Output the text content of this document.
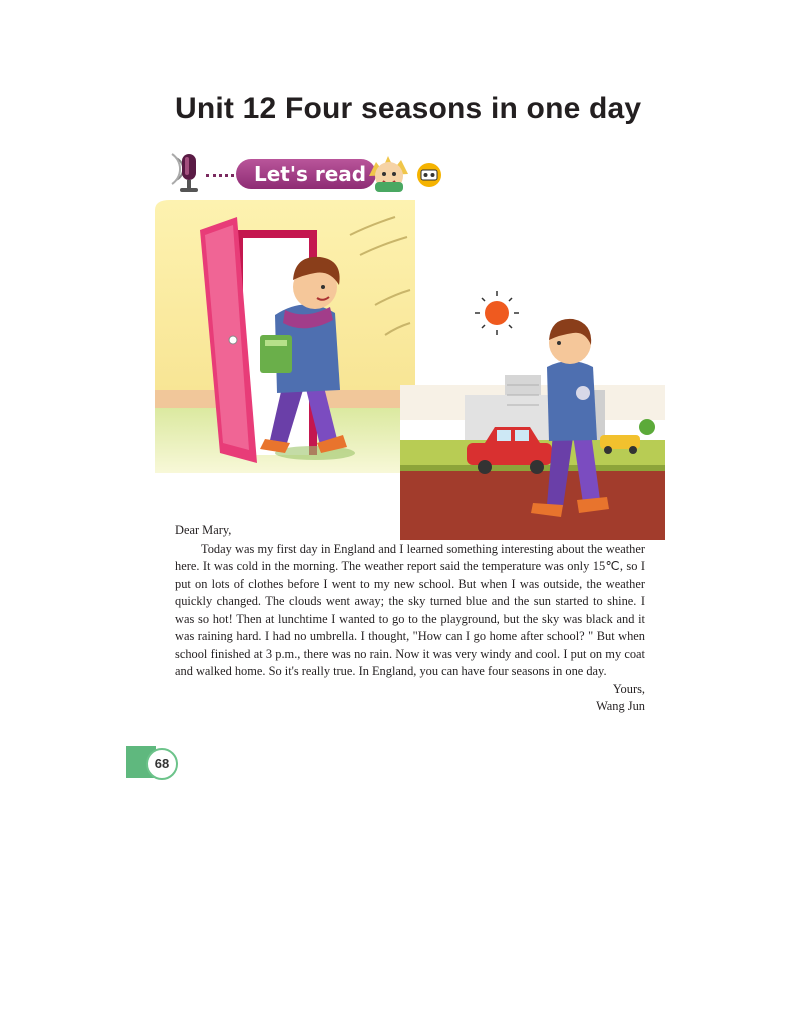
Unit 12 Four seasons in one day
Let's read
Dear Mary,

Today was my first day in England and I learned something interesting about the weather here. It was cold in the morning. The weather report said the temperature was only 15℃, so I put on lots of clothes before I went to my new school. But when I was outside, the weather quickly changed. The clouds went away; the sky turned blue and the sun started to shine. I was so hot! Then at lunchtime I wanted to go to the playground, but the sky was black and it was raining hard. I had no umbrella. I thought, "How can I go home after school? " But when school finished at 3 p.m., there was no rain. Now it was very windy and cool. I put on my coat and walked home. So it's really true. In England, you can have four seasons in one day.

Yours,
Wang Jun
68
